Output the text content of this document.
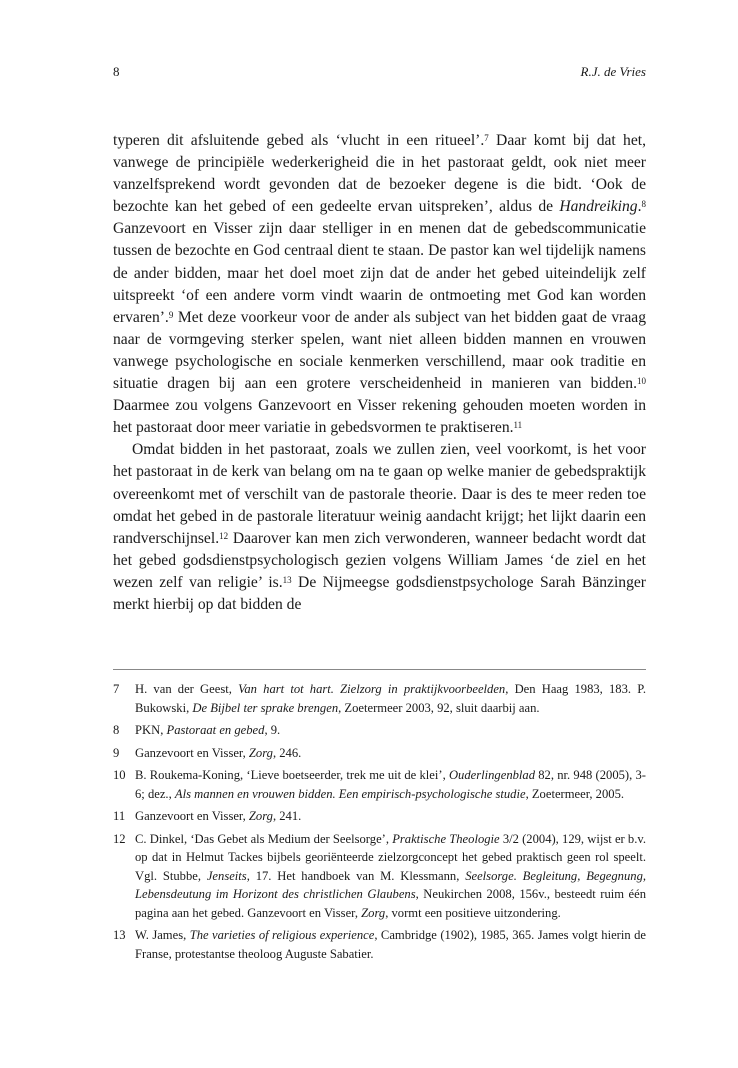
8	R.J. de Vries

typeren dit afsluitende gebed als ‘vlucht in een ritueel’.$^7$ Daar komt bij dat het, vanwege de principiële wederkerigheid die in het pastoraat geldt, ook niet meer vanzelfsprekend wordt gevonden dat de bezoeker degene is die bidt. ‘Ook de bezochte kan het gebed of een gedeelte ervan uitspreken’, aldus de Handreiking.$^8$ Ganzevoort en Visser zijn daar stelliger in en menen dat de gebedscommunicatie tussen de bezochte en God centraal dient te staan. De pastor kan wel tijdelijk namens de ander bidden, maar het doel moet zijn dat de ander het gebed uiteindelijk zelf uitspreekt ‘of een andere vorm vindt waarin de ontmoeting met God kan worden ervaren’.$^9$ Met deze voorkeur voor de ander als subject van het bidden gaat de vraag naar de vormgeving sterker spelen, want niet alleen bidden mannen en vrouwen vanwege psychologische en sociale kenmerken verschillend, maar ook traditie en situatie dragen bij aan een grotere verscheidenheid in manieren van bidden.$^{10}$ Daarmee zou volgens Ganzevoort en Visser rekening gehouden moeten worden in het pastoraat door meer variatie in gebedsvormen te praktiseren.$^{11}$

Omdat bidden in het pastoraat, zoals we zullen zien, veel voorkomt, is het voor het pastoraat in de kerk van belang om na te gaan op welke manier de gebedspraktijk overeenkomt met of verschilt van de pastorale theorie. Daar is des te meer reden toe omdat het gebed in de pastorale literatuur weinig aandacht krijgt; het lijkt daarin een randverschijnsel.$^{12}$ Daarover kan men zich verwonderen, wanneer bedacht wordt dat het gebed godsdienstpsychologisch gezien volgens William James ‘de ziel en het wezen zelf van religie’ is.$^{13}$ De Nijmeegse godsdienstpsychologe Sarah Bänzinger merkt hierbij op dat bidden de

7	H. van der Geest, Van hart tot hart. Zielzorg in praktijkvoorbeelden, Den Haag 1983, 183. P. Bukowski, De Bijbel ter sprake brengen, Zoetermeer 2003, 92, sluit daarbij aan.
8	PKN, Pastoraat en gebed, 9.
9	Ganzevoort en Visser, Zorg, 246.
10 B. Roukema-Koning, ‘Lieve boetseerder, trek me uit de klei’, Ouderlingenblad 82, nr. 948 (2005), 3-6; dez., Als mannen en vrouwen bidden. Een empirisch-psychologische studie, Zoetermeer, 2005.
11 Ganzevoort en Visser, Zorg, 241.
12 C. Dinkel, ‘Das Gebet als Medium der Seelsorge’, Praktische Theologie 3/2 (2004), 129, wijst er b.v. op dat in Helmut Tackes bijbels georiënteerde zielzorgconcept het gebed praktisch geen rol speelt. Vgl. Stubbe, Jenseits, 17. Het handboek van M. Klessmann, Seelsorge. Begleitung, Begegnung, Lebensdeutung im Horizont des christlichen Glaubens, Neukirchen 2008, 156v., besteedt ruim één pagina aan het gebed. Ganzevoort en Visser, Zorg, vormt een positieve uitzondering.
13 W. James, The varieties of religious experience, Cambridge (1902), 1985, 365. James volgt hierin de Franse, protestantse theoloog Auguste Sabatier.
